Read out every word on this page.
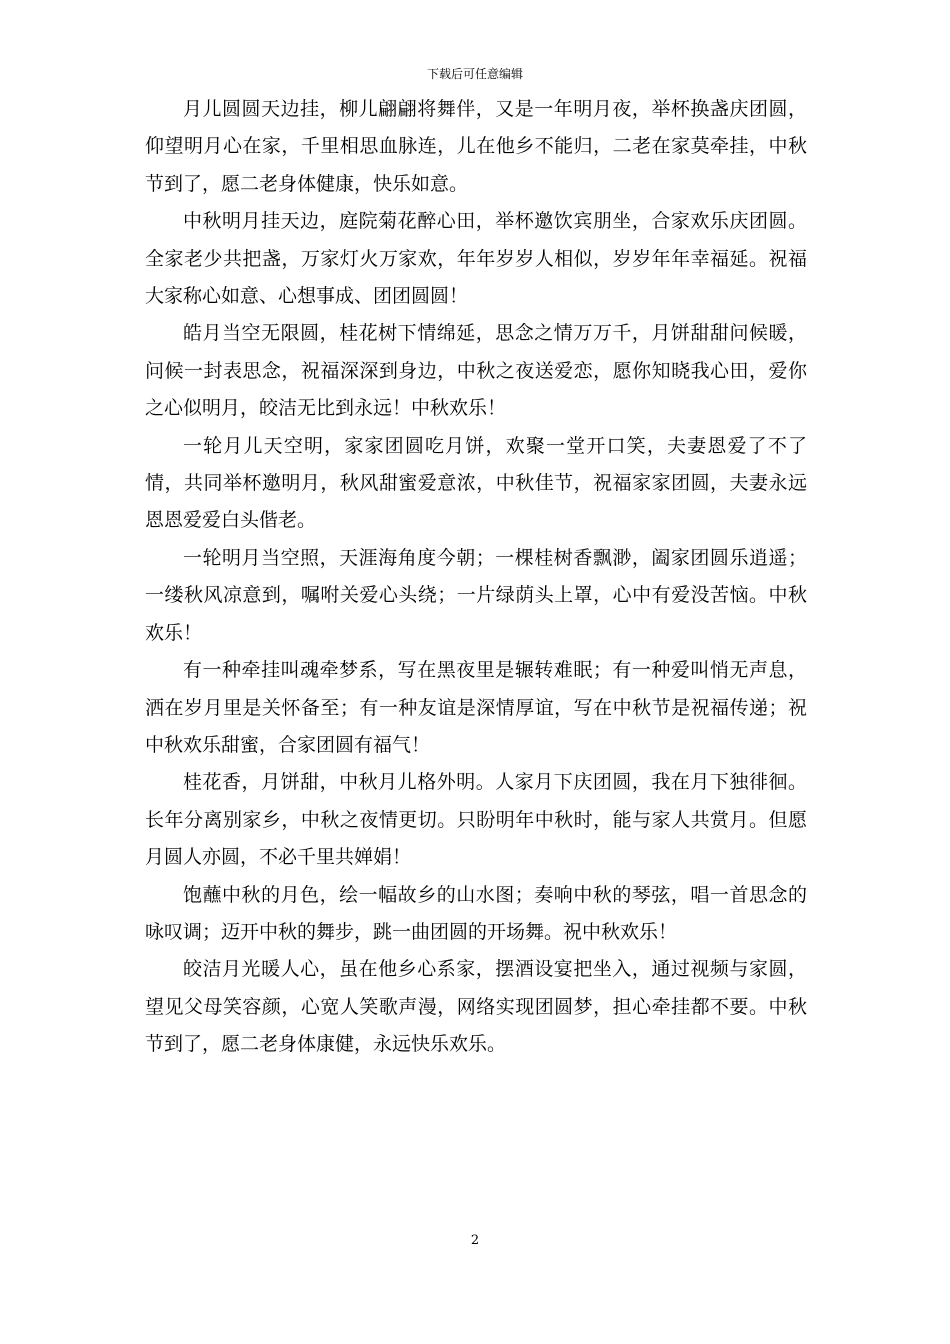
下载后可任意编辑

月儿圆圆天边挂，柳儿翩翩将舞伴，又是一年明月夜，举杯换盏庆团圆，仰望明月心在家，千里相思血脉连，儿在他乡不能归，二老在家莫牵挂，中秋节到了，愿二老身体健康，快乐如意。

中秋明月挂天边，庭院菊花醉心田，举杯邀饮宾朋坐，合家欢乐庆团圆。全家老少共把盏，万家灯火万家欢，年年岁岁人相似，岁岁年年幸福延。祝福大家称心如意、心想事成、团团圆圆！

皓月当空无限圆，桂花树下情绵延，思念之情万万千，月饼甜甜问候暖，问候一封表思念，祝福深深到身边，中秋之夜送爱恋，愿你知晓我心田，爱你之心似明月，皎洁无比到永远！中秋欢乐！

一轮月儿天空明，家家团圆吃月饼，欢聚一堂开口笑，夫妻恩爱了不了情，共同举杯邀明月，秋风甜蜜爱意浓，中秋佳节，祝福家家团圆，夫妻永远恩恩爱爱白头偕老。

一轮明月当空照，天涯海角度今朝；一棵桂树香飘渺，阖家团圆乐逍遥；一缕秋风凉意到，嘱咐关爱心头绕；一片绿荫头上罩，心中有爱没苦恼。中秋欢乐！

有一种牵挂叫魂牵梦系，写在黑夜里是辗转难眠；有一种爱叫悄无声息，洒在岁月里是关怀备至；有一种友谊是深情厚谊，写在中秋节是祝福传递；祝中秋欢乐甜蜜，合家团圆有福气！

桂花香，月饼甜，中秋月儿格外明。人家月下庆团圆，我在月下独徘徊。长年分离别家乡，中秋之夜情更切。只盼明年中秋时，能与家人共赏月。但愿月圆人亦圆，不必千里共婵娟！

饱蘸中秋的月色，绘一幅故乡的山水图；奏响中秋的琴弦，唱一首思念的咏叹调；迈开中秋的舞步，跳一曲团圆的开场舞。祝中秋欢乐！

皎洁月光暖人心，虽在他乡心系家，摆酒设宴把坐入，通过视频与家圆，望见父母笑容颜，心宽人笑歌声漫，网络实现团圆梦，担心牵挂都不要。中秋节到了，愿二老身体康健，永远快乐欢乐。

2
